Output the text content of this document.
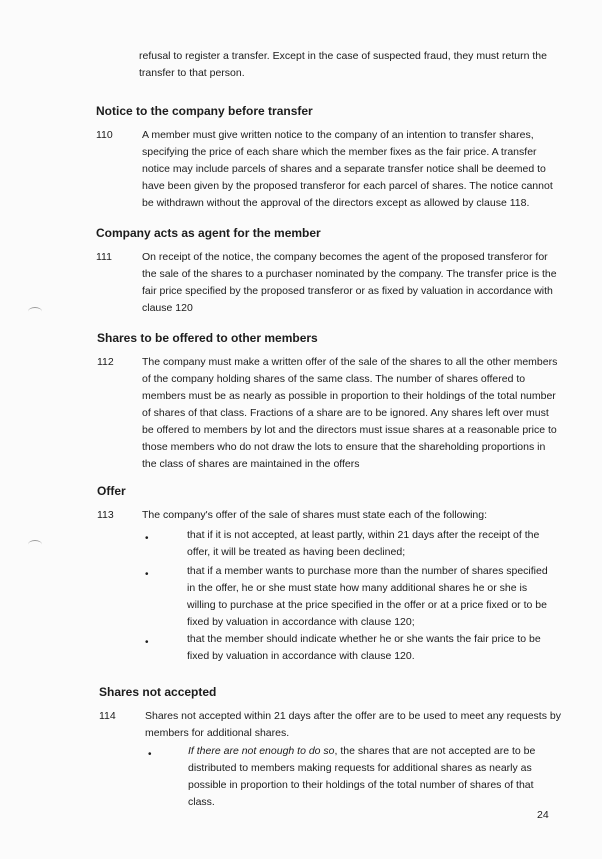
refusal to register a transfer. Except in the case of suspected fraud, they must return the transfer to that person.

Notice to the company before transfer
110	A member must give written notice to the company of an intention to transfer shares, specifying the price of each share which the member fixes as the fair price. A transfer notice may include parcels of shares and a separate transfer notice shall be deemed to have been given by the proposed transferor for each parcel of shares. The notice cannot be withdrawn without the approval of the directors except as allowed by clause 118.

Company acts as agent for the member
111	On receipt of the notice, the company becomes the agent of the proposed transferor for the sale of the shares to a purchaser nominated by the company. The transfer price is the fair price specified by the proposed transferor or as fixed by valuation in accordance with clause 120

Shares to be offered to other members
112	The company must make a written offer of the sale of the shares to all the other members of the company holding shares of the same class. The number of shares offered to members must be as nearly as possible in proportion to their holdings of the total number of shares of that class. Fractions of a share are to be ignored. Any shares left over must be offered to members by lot and the directors must issue shares at a reasonable price to those members who do not draw the lots to ensure that the shareholding proportions in the class of shares are maintained in the offers

Offer
113	The company's offer of the sale of shares must state each of the following:

•	that if it is not accepted, at least partly, within 21 days after the receipt of the offer, it will be treated as having been declined;

•	that if a member wants to purchase more than the number of shares specified in the offer, he or she must state how many additional shares he or she is willing to purchase at the price specified in the offer or at a price fixed or to be fixed by valuation in accordance with clause 120;

•	that the member should indicate whether he or she wants the fair price to be fixed by valuation in accordance with clause 120.

Shares not accepted
114	Shares not accepted within 21 days after the offer are to be used to meet any requests by members for additional shares.

•	If there are not enough to do so, the shares that are not accepted are to be distributed to members making requests for additional shares as nearly as possible in proportion to their holdings of the total number of shares of that class.

24
